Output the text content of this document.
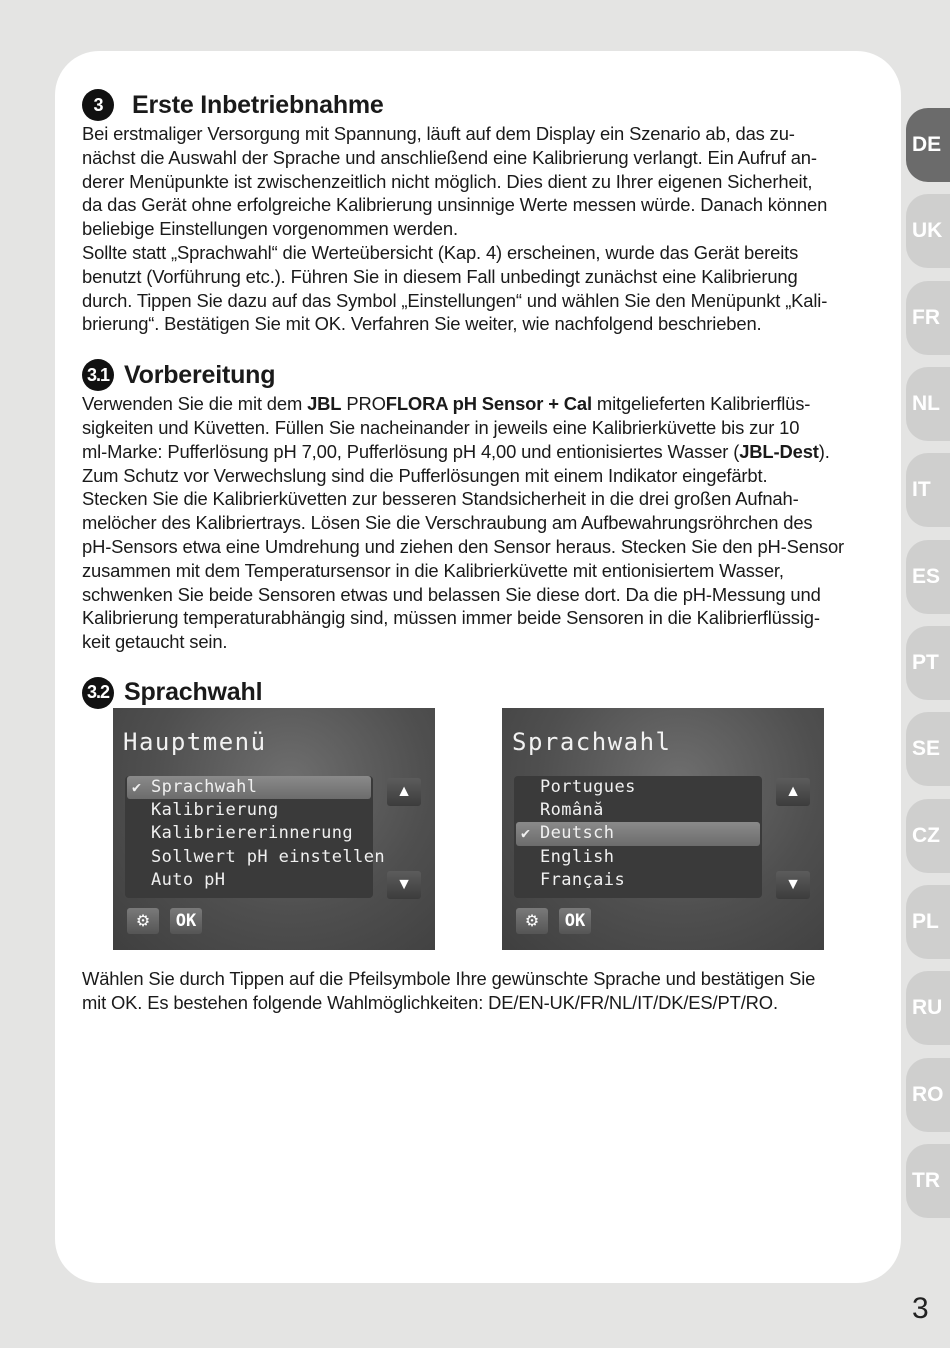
3	Erste Inbetriebnahme
Bei erstmaliger Versorgung mit Spannung, läuft auf dem Display ein Szenario ab, das zu-
nächst die Auswahl der Sprache und anschließend eine Kalibrierung verlangt. Ein Aufruf an-
derer Menüpunkte ist zwischenzeitlich nicht möglich. Dies dient zu Ihrer eigenen Sicherheit,
da das Gerät ohne erfolgreiche Kalibrierung unsinnige Werte messen würde. Danach können
beliebige Einstellungen vorgenommen werden.
Sollte statt „Sprachwahl“ die Werteübersicht (Kap. 4) erscheinen, wurde das Gerät bereits
benutzt (Vorführung etc.). Führen Sie in diesem Fall unbedingt zunächst eine Kalibrierung
durch. Tippen Sie dazu auf das Symbol „Einstellungen“ und wählen Sie den Menüpunkt „Kali-
brierung“. Bestätigen Sie mit OK. Verfahren Sie weiter, wie nachfolgend beschrieben.
3.1 Vorbereitung
Verwenden Sie die mit dem JBL PROFLORA pH Sensor + Cal mitgelieferten Kalibrierflüs-
sigkeiten und Küvetten. Füllen Sie nacheinander in jeweils eine Kalibrierküvette bis zur 10
ml-Marke: Pufferlösung pH 7,00, Pufferlösung pH 4,00 und entionisiertes Wasser (JBL-Dest).
Zum Schutz vor Verwechslung sind die Pufferlösungen mit einem Indikator eingefärbt.
Stecken Sie die Kalibrierküvetten zur besseren Standsicherheit in die drei großen Aufnah-
melöcher des Kalibriertrays. Lösen Sie die Verschraubung am Aufbewahrungsröhrchen des
pH-Sensors etwa eine Umdrehung und ziehen den Sensor heraus. Stecken Sie den pH-Sensor
zusammen mit dem Temperatursensor in die Kalibrierküvette mit entionisiertem Wasser,
schwenken Sie beide Sensoren etwas und belassen Sie diese dort. Da die pH-Messung und
Kalibrierung temperaturabhängig sind, müssen immer beide Sensoren in die Kalibrierflüssig-
keit getaucht sein.
3.2 Sprachwahl
Hauptmenü
✔ Sprachwahl
Kalibrierung
Kalibriererinnerung
Sollwert pH einstellen
Auto pH
▲
▼
⚙	OK
Sprachwahl
Portugues
Română
✔ Deutsch
English
Français
▲
▼
⚙	OK
Wählen Sie durch Tippen auf die Pfeilsymbole Ihre gewünschte Sprache und bestätigen Sie
mit OK. Es bestehen folgende Wahlmöglichkeiten: DE/EN-UK/FR/NL/IT/DK/ES/PT/RO.
DE
UK
FR
NL
IT
ES
PT
SE
CZ
PL
RU
RO
TR
3
